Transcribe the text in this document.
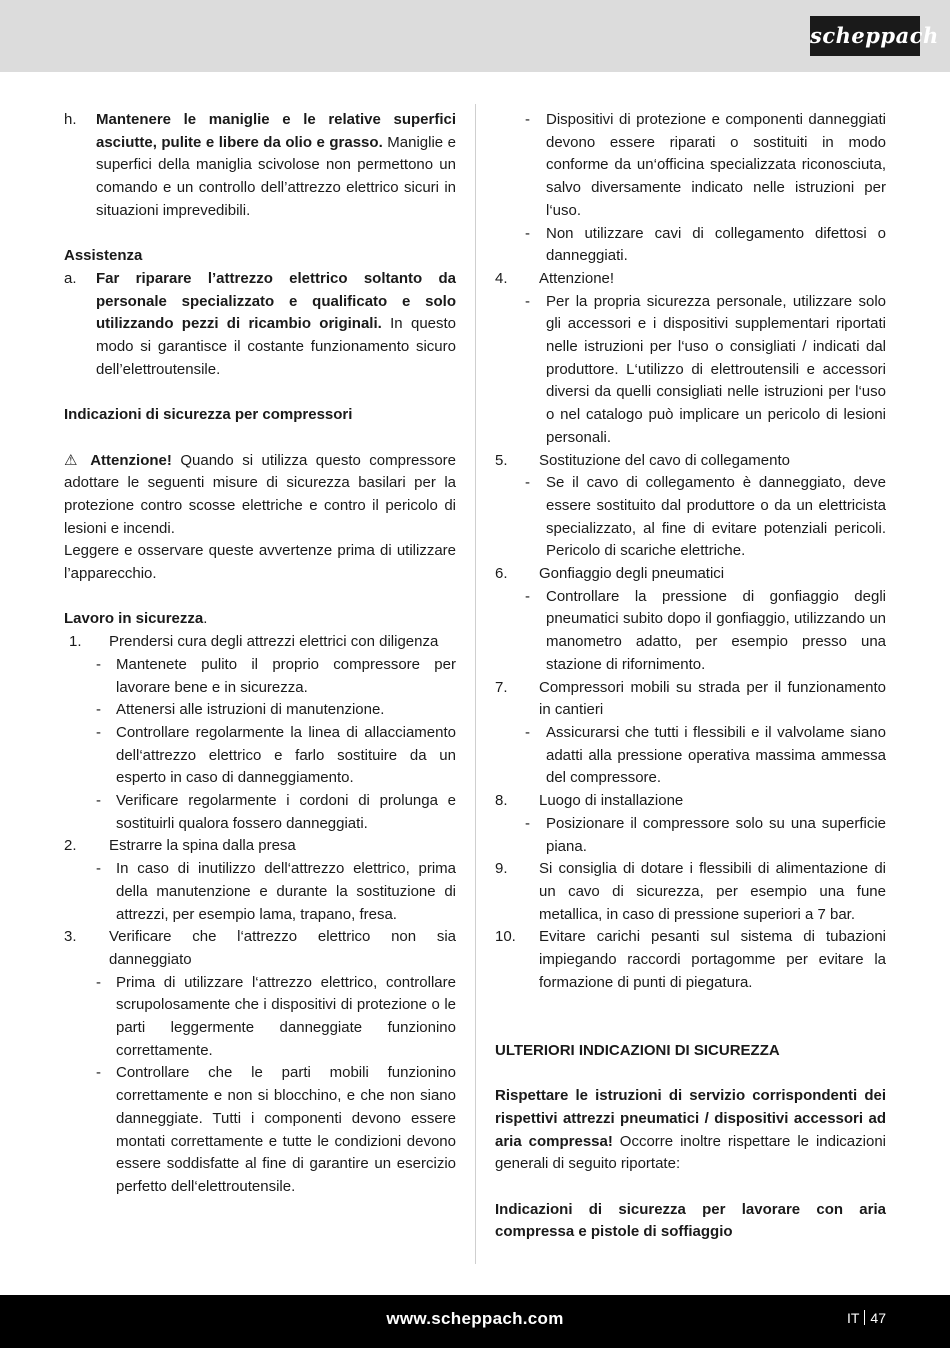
scheppach
h.	Mantenere le maniglie e le relative superfici asciutte, pulite e libere da olio e grasso. Maniglie e superfici della maniglia scivolose non permettono un comando e un controllo dell’attrezzo elettrico sicuri in situazioni imprevedibili.
Assistenza
a.	Far riparare l’attrezzo elettrico soltanto da personale specializzato e qualificato e solo utilizzando pezzi di ricambio originali. In questo modo si garantisce il costante funzionamento sicuro dell’elettroutensile.
Indicazioni di sicurezza per compressori
⚠ Attenzione! Quando si utilizza questo compressore adottare le seguenti misure di sicurezza basilari per la protezione contro scosse elettriche e contro il pericolo di lesioni e incendi.
Leggere e osservare queste avvertenze prima di utilizzare l’apparecchio.
Lavoro in sicurezza.
1.	Prendersi cura degli attrezzi elettrici con diligenza
-	Mantenete pulito il proprio compressore per lavorare bene e in sicurezza.
-	Attenersi alle istruzioni di manutenzione.
-	Controllare regolarmente la linea di allacciamento dell‘attrezzo elettrico e farlo sostituire da un esperto in caso di danneggiamento.
-	Verificare regolarmente i cordoni di prolunga e sostituirli qualora fossero danneggiati.
2.	Estrarre la spina dalla presa
-	In caso di inutilizzo dell‘attrezzo elettrico, prima della manutenzione e durante la sostituzione di attrezzi, per esempio lama, trapano, fresa.
3.	Verificare che l‘attrezzo elettrico non sia danneggiato
-	Prima di utilizzare l‘attrezzo elettrico, controllare scrupolosamente che i dispositivi di protezione o le parti leggermente danneggiate funzionino correttamente.
-	Controllare che le parti mobili funzionino correttamente e non si blocchino, e che non siano danneggiate. Tutti i componenti devono essere montati correttamente e tutte le condizioni devono essere soddisfatte al fine di garantire un esercizio perfetto dell‘elettroutensile.
-	Dispositivi di protezione e componenti danneggiati devono essere riparati o sostituiti in modo conforme da un‘officina specializzata riconosciuta, salvo diversamente indicato nelle istruzioni per l‘uso.
-	Non utilizzare cavi di collegamento difettosi o danneggiati.
4.	Attenzione!
-	Per la propria sicurezza personale, utilizzare solo gli accessori e i dispositivi supplementari riportati nelle istruzioni per l‘uso o consigliati / indicati dal produttore. L‘utilizzo di elettroutensili e accessori diversi da quelli consigliati nelle istruzioni per l‘uso o nel catalogo può implicare un pericolo di lesioni personali.
5.	Sostituzione del cavo di collegamento
-	Se il cavo di collegamento è danneggiato, deve essere sostituito dal produttore o da un elettricista specializzato, al fine di evitare potenziali pericoli. Pericolo di scariche elettriche.
6.	Gonfiaggio degli pneumatici
-	Controllare la pressione di gonfiaggio degli pneumatici subito dopo il gonfiaggio, utilizzando un manometro adatto, per esempio presso una stazione di rifornimento.
7.	Compressori mobili su strada per il funzionamento in cantieri
-	Assicurarsi che tutti i flessibili e il valvolame siano adatti alla pressione operativa massima ammessa del compressore.
8.	Luogo di installazione
-	Posizionare il compressore solo su una superficie piana.
9.	Si consiglia di dotare i flessibili di alimentazione di un cavo di sicurezza, per esempio una fune metallica, in caso di pressione superiori a 7 bar.
10.	Evitare carichi pesanti sul sistema di tubazioni impiegando raccordi portagomme per evitare la formazione di punti di piegatura.
ULTERIORI INDICAZIONI DI SICUREZZA
Rispettare le istruzioni di servizio corrispondenti dei rispettivi attrezzi pneumatici / dispositivi accessori ad aria compressa! Occorre inoltre rispettare le indicazioni generali di seguito riportate:
Indicazioni di sicurezza per lavorare con aria compressa e pistole di soffiaggio
www.scheppach.com	IT 47
